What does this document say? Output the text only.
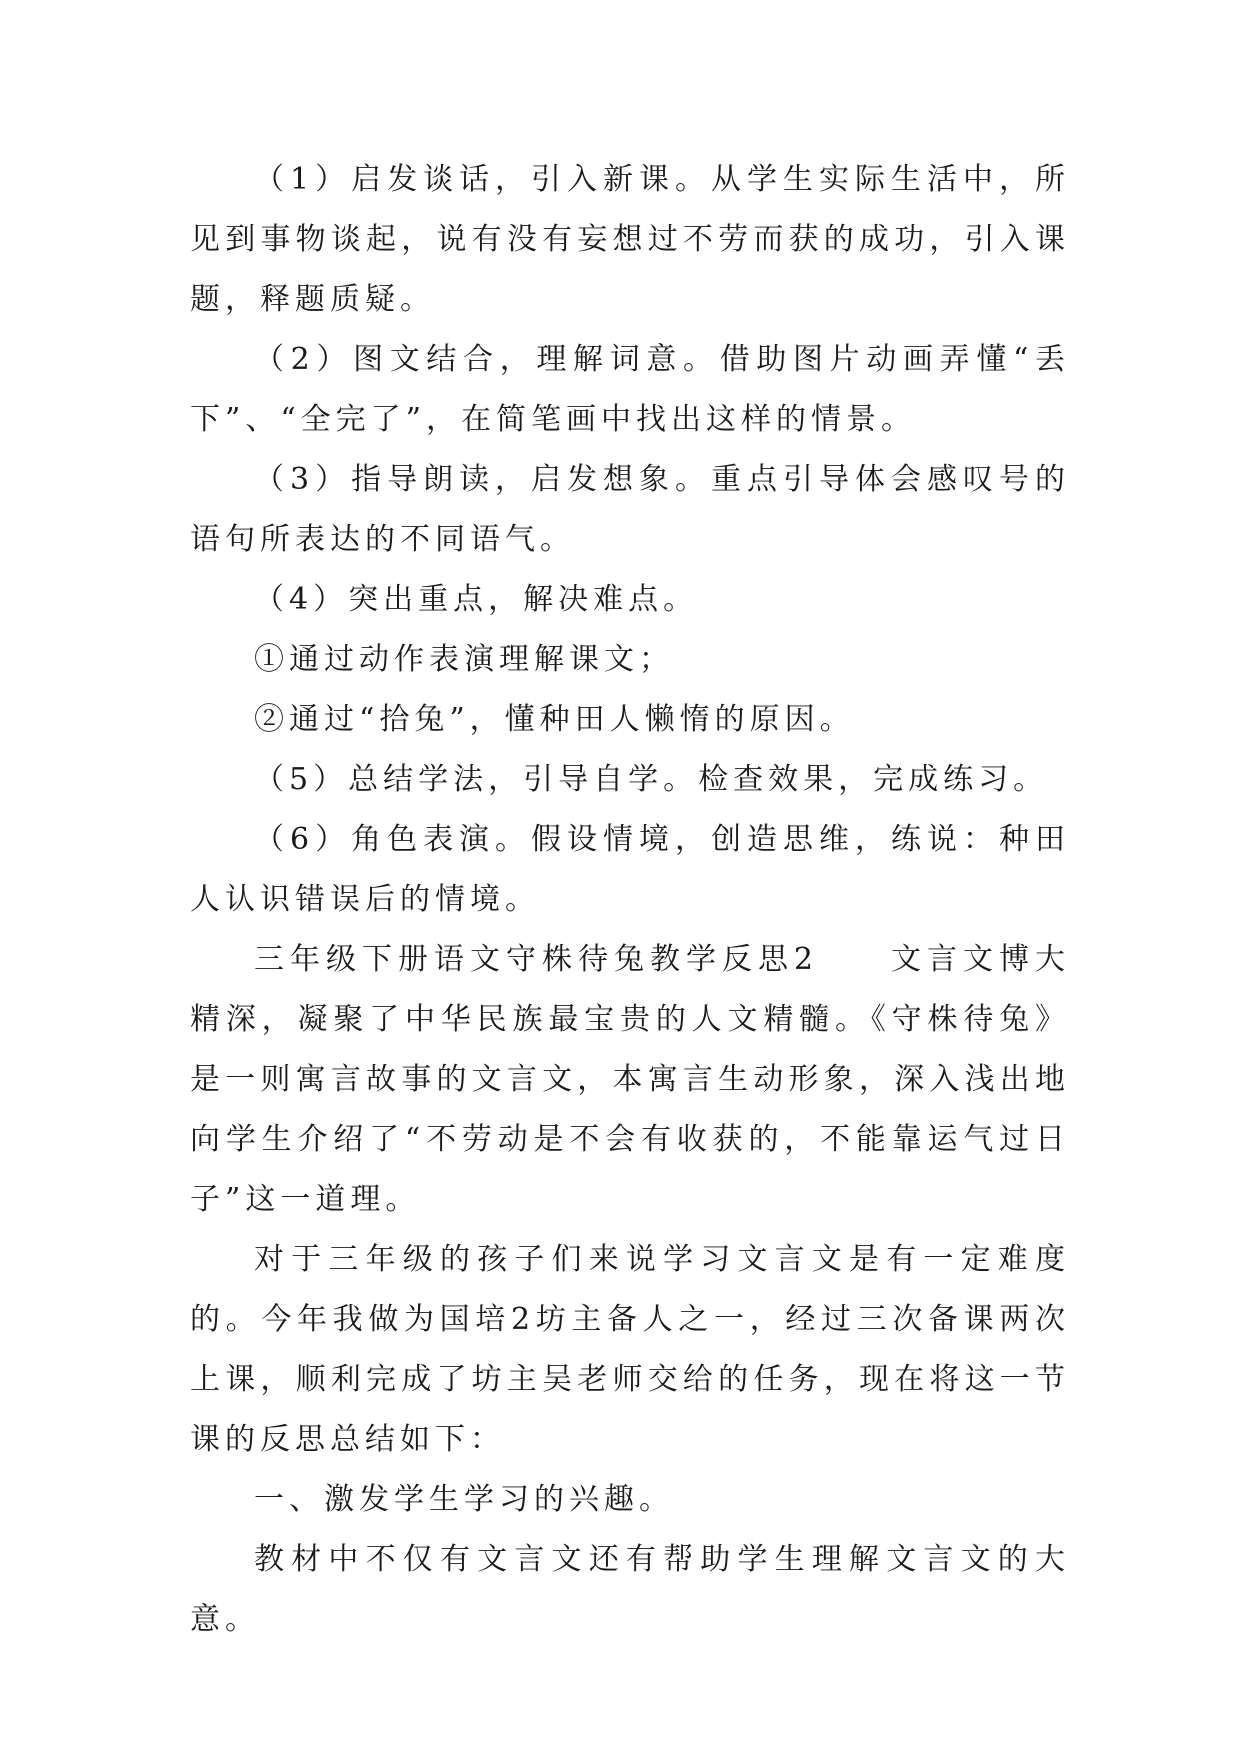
（1）启发谈话，引入新课。从学生实际生活中，所见到事物谈起，说有没有妄想过不劳而获的成功，引入课题，释题质疑。

（2）图文结合，理解词意。借助图片动画弄懂“丢下”、“全完了”，在简笔画中找出这样的情景。

（3）指导朗读，启发想象。重点引导体会感叹号的语句所表达的不同语气。

（4）突出重点，解决难点。

①通过动作表演理解课文；

②通过“拾兔”，懂种田人懒惰的原因。

（5）总结学法，引导自学。检查效果，完成练习。

（6）角色表演。假设情境，创造思维，练说：种田人认识错误后的情境。

三年级下册语文守株待兔教学反思2　　文言文博大精深，凝聚了中华民族最宝贵的人文精髓。《守株待兔》是一则寓言故事的文言文，本寓言生动形象，深入浅出地向学生介绍了“不劳动是不会有收获的，不能靠运气过日子”这一道理。

对于三年级的孩子们来说学习文言文是有一定难度的。今年我做为国培2坊主备人之一，经过三次备课两次上课，顺利完成了坊主吴老师交给的任务，现在将这一节课的反思总结如下：

一、激发学生学习的兴趣。

教材中不仅有文言文还有帮助学生理解文言文的大意。
